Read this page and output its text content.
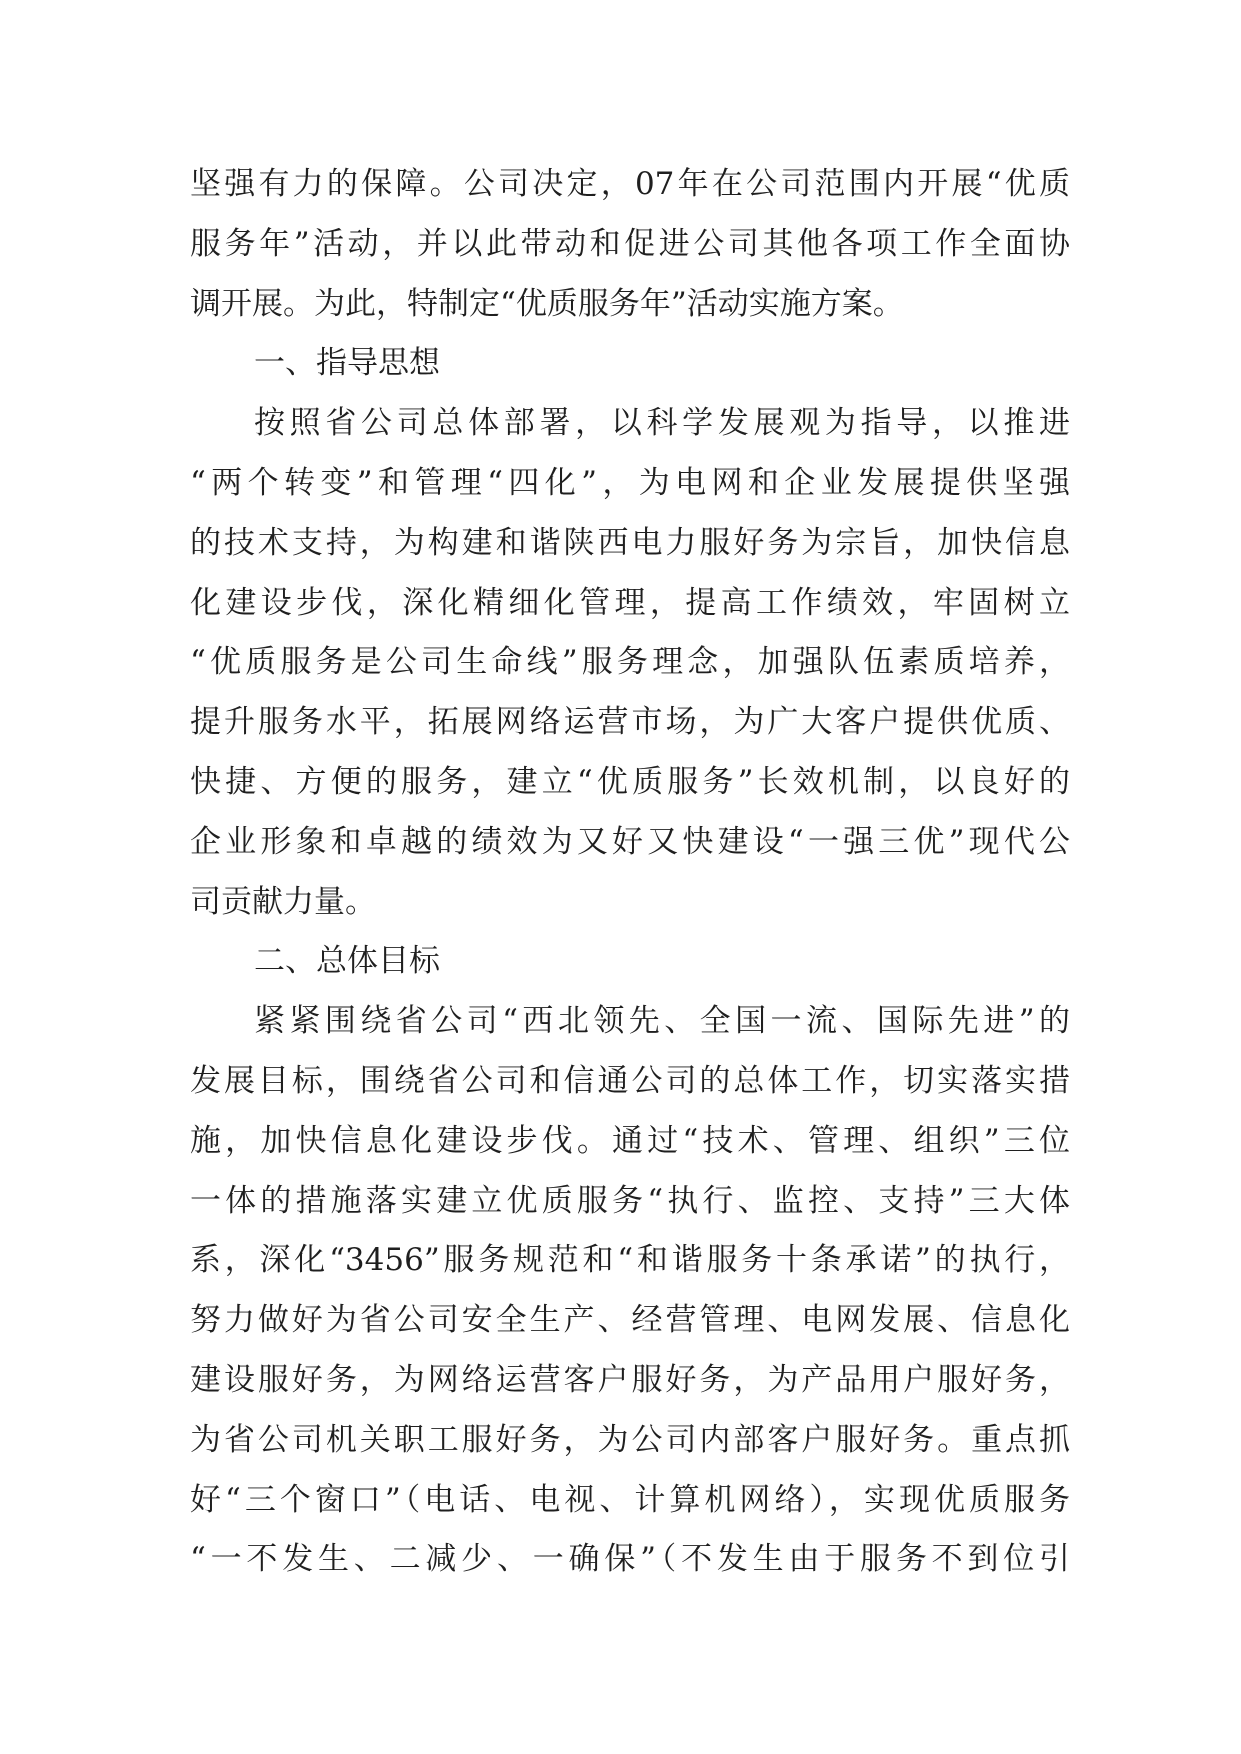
坚强有力的保障。公司决定，07年在公司范围内开展“优质
服务年”活动，并以此带动和促进公司其他各项工作全面协
调开展。为此，特制定“优质服务年”活动实施方案。
一、指导思想
按照省公司总体部署，以科学发展观为指导，以推进
“两个转变”和管理“四化”，为电网和企业发展提供坚强
的技术支持，为构建和谐陕西电力服好务为宗旨，加快信息
化建设步伐，深化精细化管理，提高工作绩效，牢固树立
“优质服务是公司生命线”服务理念，加强队伍素质培养，
提升服务水平，拓展网络运营市场，为广大客户提供优质、
快捷、方便的服务，建立“优质服务”长效机制，以良好的
企业形象和卓越的绩效为又好又快建设“一强三优”现代公
司贡献力量。
二、总体目标
紧紧围绕省公司“西北领先、全国一流、国际先进”的
发展目标，围绕省公司和信通公司的总体工作，切实落实措
施，加快信息化建设步伐。通过“技术、管理、组织”三位
一体的措施落实建立优质服务“执行、监控、支持”三大体
系，深化“3456”服务规范和“和谐服务十条承诺”的执行，
努力做好为省公司安全生产、经营管理、电网发展、信息化
建设服好务，为网络运营客户服好务，为产品用户服好务，
为省公司机关职工服好务，为公司内部客户服好务。重点抓
好“三个窗口”（电话、电视、计算机网络），实现优质服务
“一不发生、二减少、一确保”（不发生由于服务不到位引
